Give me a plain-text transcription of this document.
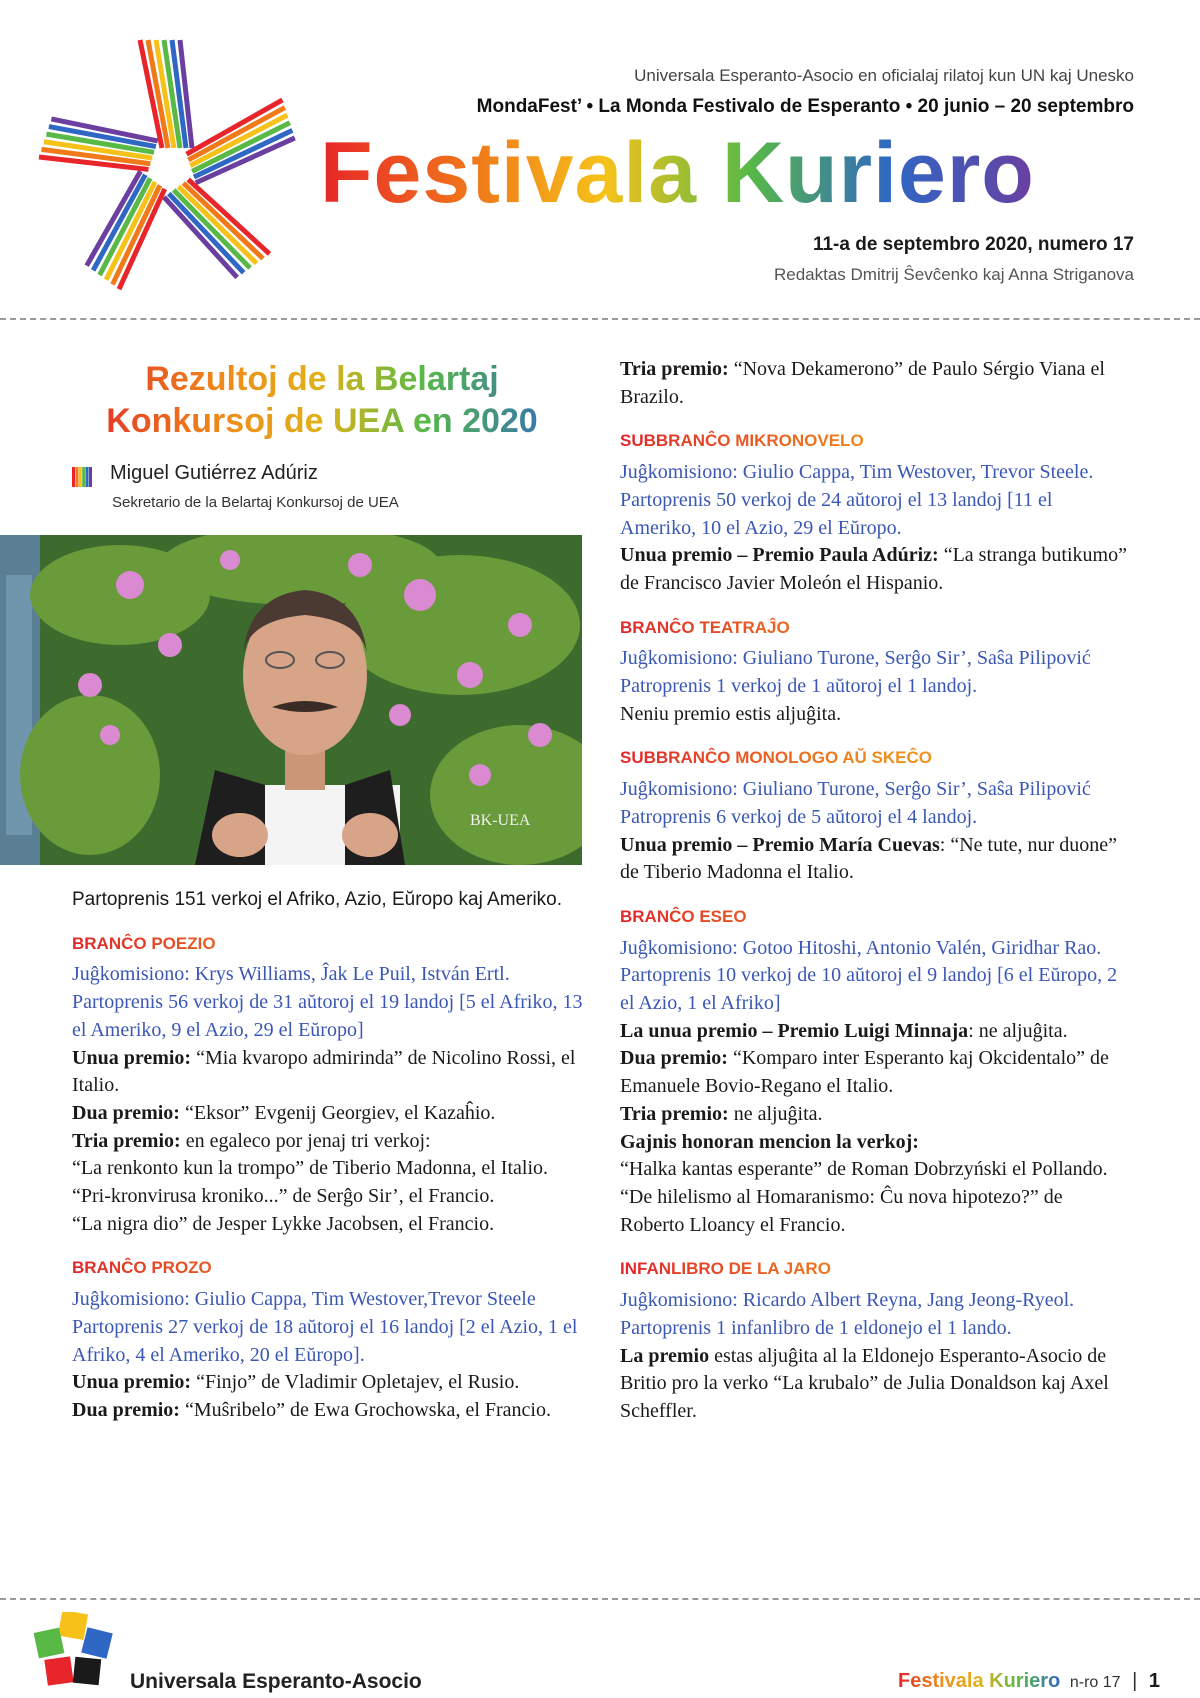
Universala Esperanto-Asocio en oficialaj rilatoj kun UN kaj Unesko
MondaFest’ • La Monda Festivalo de Esperanto • 20 junio – 20 septembro
Festivala Kuriero
11-a de septembro 2020, numero 17
Redaktas Dmitrij Ŝevĉenko kaj Anna Striganova
Rezultoj de la Belartaj
Konkursoj de UEA en 2020
Miguel Gutiérrez Adúriz
Sekretario de la Belartaj Konkursoj de UEA
BK-UEA

Partoprenis 151 verkoj el Afriko, Azio, Eŭropo kaj Ameriko.

BRANĈO POEZIO

Juĝkomisiono: Krys Williams, Ĵak Le Puil, István Ertl.

Partoprenis 56 verkoj de 31 aŭtoroj el 19 landoj [5 el Afriko, 13 el Ameriko, 9 el Azio, 29 el Eŭropo]

Unua premio: “Mia kvaropo admirinda” de Nicolino Rossi, el Italio.

Dua premio: “Eksor” Evgenij Georgiev, el Kazaĥio.

Tria premio: en egaleco por jenaj tri verkoj:

“La renkonto kun la trompo” de Tiberio Madonna, el Italio.

“Pri-kronvirusa kroniko...” de Serĝo Sir’, el Francio.

“La nigra dio” de Jesper Lykke Jacobsen, el Francio.

BRANĈO PROZO

Juĝkomisiono: Giulio Cappa, Tim Westover,Trevor Steele

Partoprenis 27 verkoj de 18 aŭtoroj el 16 landoj [2 el Azio, 1 el Afriko, 4 el Ameriko, 20 el Eŭropo].

Unua premio: “Finjo” de Vladimir Opletajev, el Rusio.

Dua premio: “Muŝribelo” de Ewa Grochowska, el Francio.

Tria premio: “Nova Dekamerono” de Paulo Sérgio Viana el Brazilo.

SUBBRANĈO MIKRONOVELO

Juĝkomisiono: Giulio Cappa, Tim Westover, Trevor Steele.

Partoprenis 50 verkoj de 24 aŭtoroj el 13 landoj [11 el Ameriko, 10 el Azio, 29 el Eŭropo.

Unua premio – Premio Paula Adúriz: “La stranga butikumo” de Francisco Javier Moleón el Hispanio.

BRANĈO TEATRAĴO

Juĝkomisiono: Giuliano Turone, Serĝo Sir’, Saŝa Pilipović

Patroprenis 1 verkoj de 1 aŭtoroj el 1 landoj.

Neniu premio estis aljuĝita.

SUBBRANĈO MONOLOGO AŬ SKEĈO

Juĝkomisiono: Giuliano Turone, Serĝo Sir’, Saŝa Pilipović

Patroprenis 6 verkoj de 5 aŭtoroj el 4 landoj.

Unua premio – Premio María Cuevas: “Ne tute, nur duone” de Tiberio Madonna el Italio.

BRANĈO ESEO

Juĝkomisiono: Gotoo Hitoshi, Antonio Valén, Giridhar Rao.

Partoprenis 10 verkoj de 10 aŭtoroj el 9 landoj [6 el Eŭropo, 2 el Azio, 1 el Afriko]

La unua premio – Premio Luigi Minnaja: ne aljuĝita.

Dua premio: “Komparo inter Esperanto kaj Okcidentalo” de Emanuele Bovio-Regano el Italio.

Tria premio: ne aljuĝita.

Gajnis honoran mencion la verkoj:

“Halka kantas esperante” de Roman Dobrzyński el Pollando.

“De hilelismo al Homaranismo: Ĉu nova hipotezo?” de Roberto Lloancy el Francio.

INFANLIBRO DE LA JARO

Juĝkomisiono: Ricardo Albert Reyna, Jang Jeong-Ryeol.

Partoprenis 1 infanlibro de 1 eldonejo el 1 lando.

La premio estas aljuĝita al la Eldonejo Esperanto-Asocio de Britio pro la verko “La krubalo” de Julia Donaldson kaj Axel Scheffler.

Universala Esperanto-Asocio	Festivala Kuriero n-ro 17 | 1
